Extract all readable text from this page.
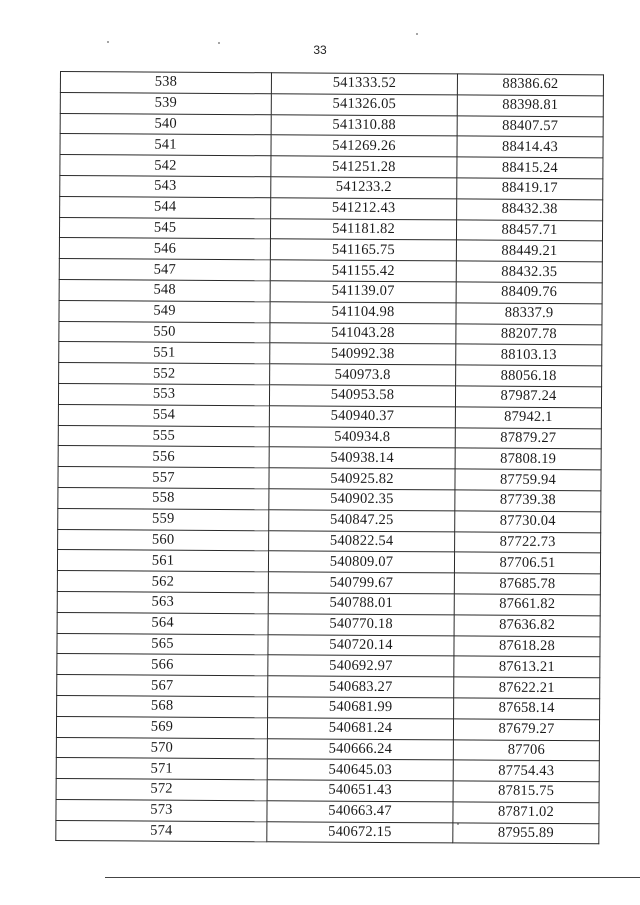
33
538	541333.52	88386.62
539	541326.05	88398.81
540	541310.88	88407.57
541	541269.26	88414.43
542	541251.28	88415.24
543	541233.2	88419.17
544	541212.43	88432.38
545	541181.82	88457.71
546	541165.75	88449.21
547	541155.42	88432.35
548	541139.07	88409.76
549	541104.98	88337.9
550	541043.28	88207.78
551	540992.38	88103.13
552	540973.8	88056.18
553	540953.58	87987.24
554	540940.37	87942.1
555	540934.8	87879.27
556	540938.14	87808.19
557	540925.82	87759.94
558	540902.35	87739.38
559	540847.25	87730.04
560	540822.54	87722.73
561	540809.07	87706.51
562	540799.67	87685.78
563	540788.01	87661.82
564	540770.18	87636.82
565	540720.14	87618.28
566	540692.97	87613.21
567	540683.27	87622.21
568	540681.99	87658.14
569	540681.24	87679.27
570	540666.24	87706
571	540645.03	87754.43
572	540651.43	87815.75
573	540663.47	87871.02
574	540672.15	87955.89
